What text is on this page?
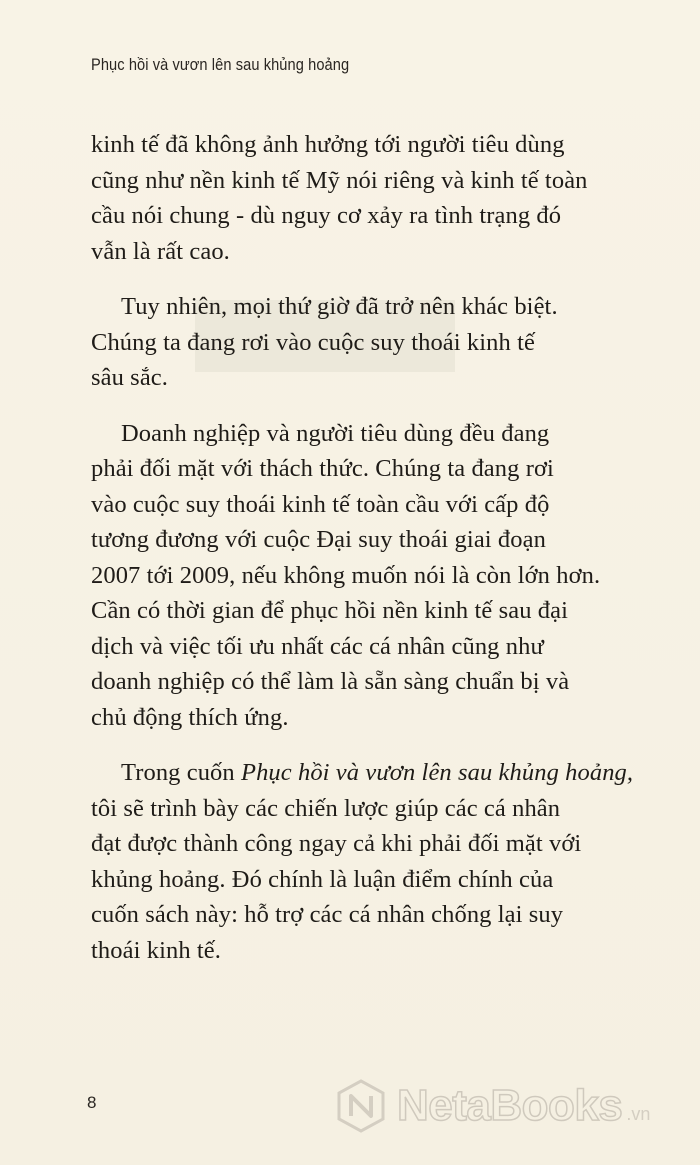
Phục hồi và vươn lên sau khủng hoảng

kinh tế đã không ảnh hưởng tới người tiêu dùng
cũng như nền kinh tế Mỹ nói riêng và kinh tế toàn
cầu nói chung - dù nguy cơ xảy ra tình trạng đó
vẫn là rất cao.

Tuy nhiên, mọi thứ giờ đã trở nên khác biệt.
Chúng ta đang rơi vào cuộc suy thoái kinh tế
sâu sắc.

Doanh nghiệp và người tiêu dùng đều đang
phải đối mặt với thách thức. Chúng ta đang rơi
vào cuộc suy thoái kinh tế toàn cầu với cấp độ
tương đương với cuộc Đại suy thoái giai đoạn
2007 tới 2009, nếu không muốn nói là còn lớn hơn.
Cần có thời gian để phục hồi nền kinh tế sau đại
dịch và việc tối ưu nhất các cá nhân cũng như
doanh nghiệp có thể làm là sẵn sàng chuẩn bị và
chủ động thích ứng.

Trong cuốn Phục hồi và vươn lên sau khủng hoảng,
tôi sẽ trình bày các chiến lược giúp các cá nhân
đạt được thành công ngay cả khi phải đối mặt với
khủng hoảng. Đó chính là luận điểm chính của
cuốn sách này: hỗ trợ các cá nhân chống lại suy
thoái kinh tế.

8	NetaBooks .vn
